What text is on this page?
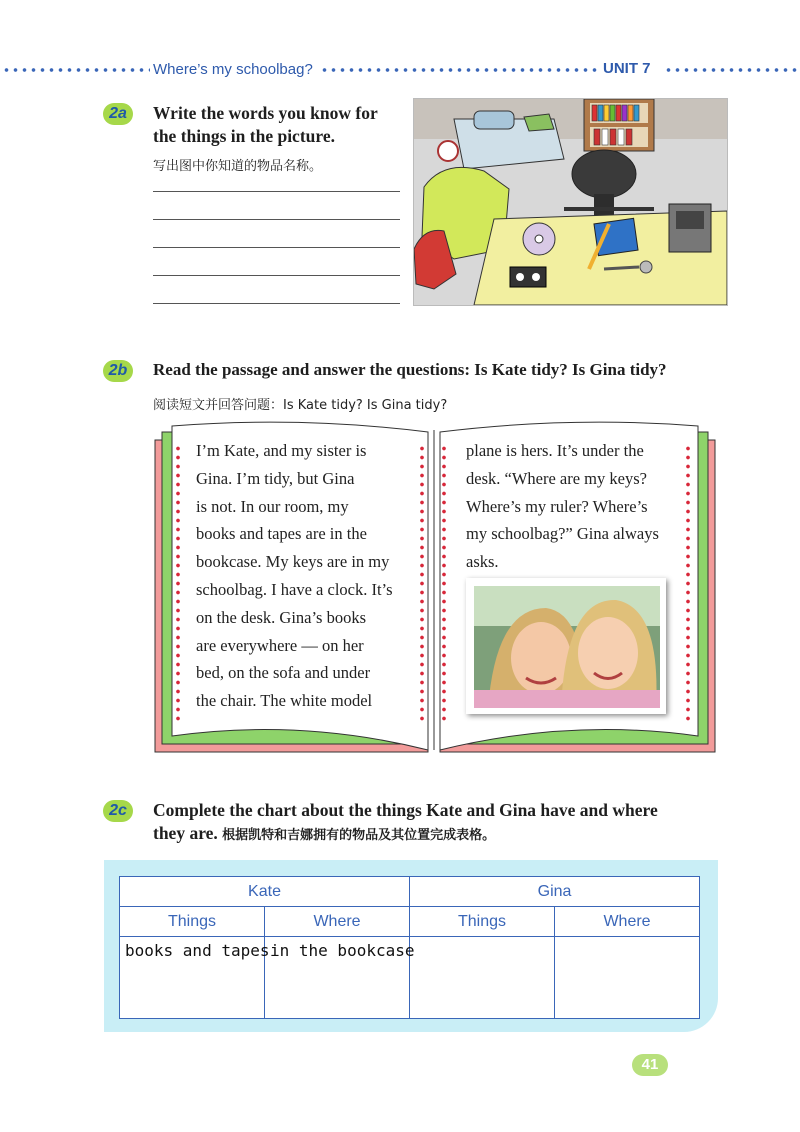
Where’s my schoolbag?	UNIT 7
2a	Write the words you know for
the things in the picture.
写出图中你知道的物品名称。
2b	Read the passage and answer the questions: Is Kate tidy? Is Gina tidy?
阅读短文并回答问题：Is Kate tidy? Is Gina tidy?
I’m Kate, and my sister is
Gina. I’m tidy, but Gina
is not. In our room, my
books and tapes are in the
bookcase. My keys are in my
schoolbag. I have a clock. It’s
on the desk. Gina’s books
are everywhere — on her
bed, on the sofa and under
the chair. The white model
plane is hers. It’s under the
desk. “Where are my keys?
Where’s my ruler? Where’s
my schoolbag?” Gina always
asks.
2c	Complete the chart about the things Kate and Gina have and where
they are. 根据凯特和吉娜拥有的物品及其位置完成表格。
Kate		Gina	
Things	Where	Things	Where
books and tapes	in the bookcase		
41
